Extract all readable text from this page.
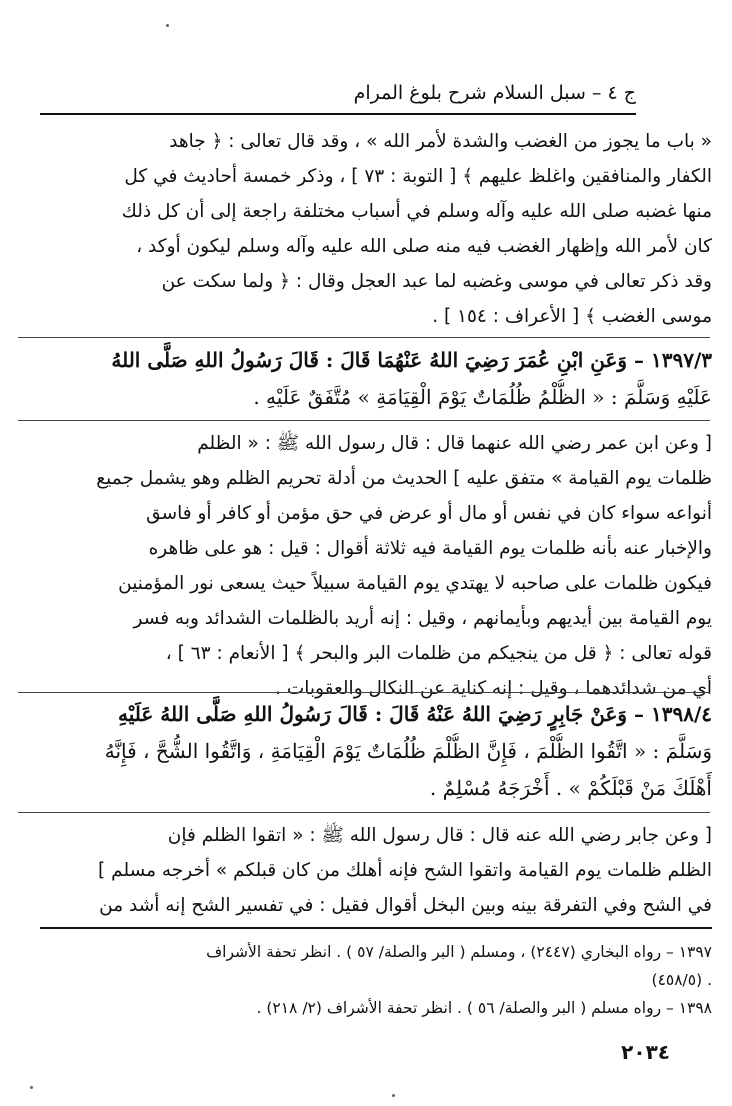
ج ٤ – سبل السلام شرح بلوغ المرام
« باب ما يجوز من الغضب والشدة لأمر الله » ، وقد قال تعالى : ﴿ جاهد
الكفار والمنافقين واغلظ عليهم ﴾ [ التوبة : ٧٣ ] ، وذكر خمسة أحاديث في كل
منها غضبه صلى الله عليه وآله وسلم في أسباب مختلفة راجعة إلى أن كل ذلك
كان لأمر الله وإظهار الغضب فيه منه صلى الله عليه وآله وسلم ليكون أوكد ،
وقد ذكر تعالى في موسى وغضبه لما عبد العجل وقال : ﴿ ولما سكت عن
موسى الغضب ﴾ [ الأعراف : ١٥٤ ] .
١٣٩٧/٣ – وَعَنِ ابْنِ عُمَرَ رَضِيَ اللهُ عَنْهُمَا قَالَ : قَالَ رَسُولُ اللهِ صَلَّى اللهُ
عَلَيْهِ وَسَلَّمَ : « الظُّلْمُ ظُلُمَاتٌ يَوْمَ الْقِيَامَةِ » مُتَّفَقٌ عَلَيْهِ .
[ وعن ابن عمر رضي الله عنهما قال : قال رسول الله ﷺ : « الظلم
ظلمات يوم القيامة » متفق عليه ] الحديث من أدلة تحريم الظلم وهو يشمل جميع
أنواعه سواء كان في نفس أو مال أو عرض في حق مؤمن أو كافر أو فاسق
والإخبار عنه بأنه ظلمات يوم القيامة فيه ثلاثة أقوال : قيل : هو على ظاهره
فيكون ظلمات على صاحبه لا يهتدي يوم القيامة سبيلاً حيث يسعى نور المؤمنين
يوم القيامة بين أيديهم وبأيمانهم ، وقيل : إنه أريد بالظلمات الشدائد وبه فسر
قوله تعالى : ﴿ قل من ينجيكم من ظلمات البر والبحر ﴾ [ الأنعام : ٦٣ ] ،
أي من شدائدهما ، وقيل : إنه كناية عن النكال والعقوبات .
١٣٩٨/٤ – وَعَنْ جَابِرٍ رَضِيَ اللهُ عَنْهُ قَالَ : قَالَ رَسُولُ اللهِ صَلَّى اللهُ عَلَيْهِ
وَسَلَّمَ : « اتَّقُوا الظُّلْمَ ، فَإِنَّ الظُّلْمَ ظُلُمَاتٌ يَوْمَ الْقِيَامَةِ ، وَاتَّقُوا الشُّحَّ ، فَإِنَّهُ
أَهْلَكَ مَنْ قَبْلَكُمْ » . أَخْرَجَهُ مُسْلِمٌ .
[ وعن جابر رضي الله عنه قال : قال رسول الله ﷺ : « اتقوا الظلم فإن
الظلم ظلمات يوم القيامة واتقوا الشح فإنه أهلك من كان قبلكم » أخرجه مسلم ]
في الشح وفي التفرقة بينه وبين البخل أقوال فقيل : في تفسير الشح إنه أشد من
١٣٩٧ – رواه البخاري (٢٤٤٧) ، ومسلم ( البر والصلة/ ٥٧ ) . انظر تحفة الأشراف
. (٤٥٨/٥)
١٣٩٨ – رواه مسلم ( البر والصلة/ ٥٦ ) . انظر تحفة الأشراف (٢/ ٢١٨) .
٢٠٣٤
